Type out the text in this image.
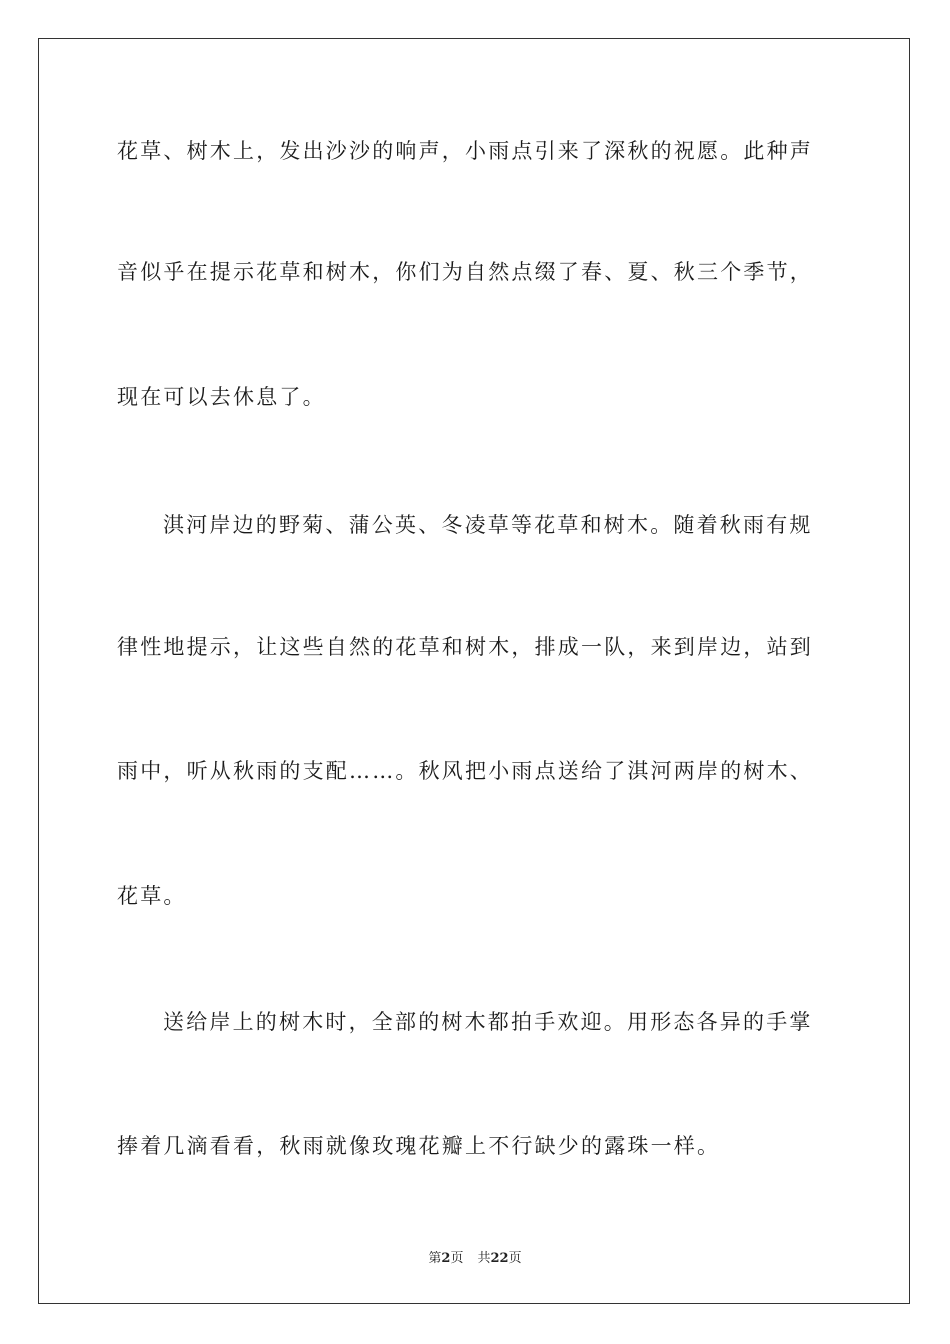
花草、树木上，发出沙沙的响声，小雨点引来了深秋的祝愿。此种声
音似乎在提示花草和树木，你们为自然点缀了春、夏、秋三个季节，
现在可以去休息了。
淇河岸边的野菊、蒲公英、冬凌草等花草和树木。随着秋雨有规
律性地提示，让这些自然的花草和树木，排成一队，来到岸边，站到
雨中，听从秋雨的支配……。秋风把小雨点送给了淇河两岸的树木、
花草。
送给岸上的树木时，全部的树木都拍手欢迎。用形态各异的手掌
捧着几滴看看，秋雨就像玫瑰花瓣上不行缺少的露珠一样。
第2页 共22页
